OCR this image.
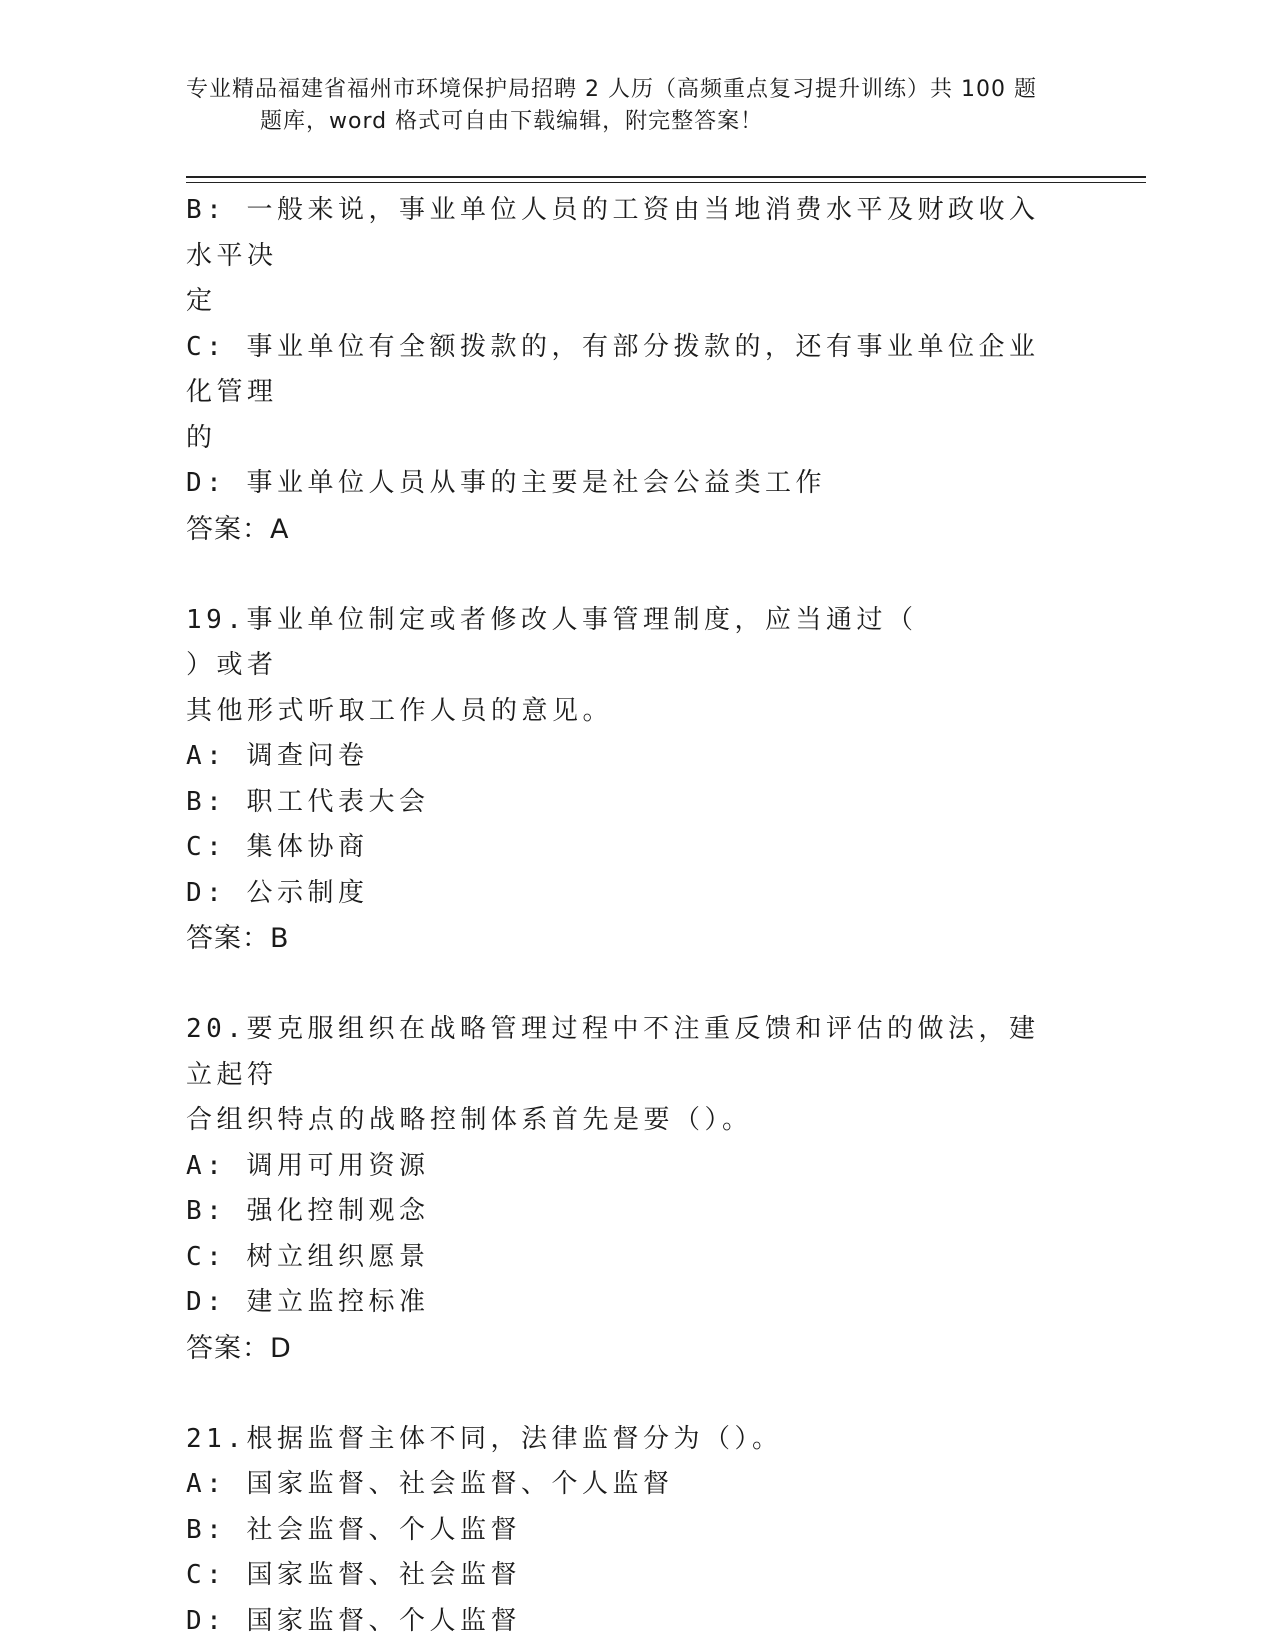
专业精品福建省福州市环境保护局招聘 2 人历（高频重点复习提升训练）共 100 题
题库，word 格式可自由下载编辑，附完整答案！
B: 一般来说，事业单位人员的工资由当地消费水平及财政收入水平决
定
C: 事业单位有全额拨款的，有部分拨款的，还有事业单位企业化管理
的
D: 事业单位人员从事的主要是社会公益类工作
答案：A
19.事业单位制定或者修改人事管理制度，应当通过（        ）或者
其他形式听取工作人员的意见。
A: 调查问卷
B: 职工代表大会
C: 集体协商
D: 公示制度
答案：B
20.要克服组织在战略管理过程中不注重反馈和评估的做法，建立起符
合组织特点的战略控制体系首先是要（）。
A: 调用可用资源
B: 强化控制观念
C: 树立组织愿景
D: 建立监控标准
答案：D
21.根据监督主体不同，法律监督分为（）。
A: 国家监督、社会监督、个人监督
B: 社会监督、个人监督
C: 国家监督、社会监督
D: 国家监督、个人监督
